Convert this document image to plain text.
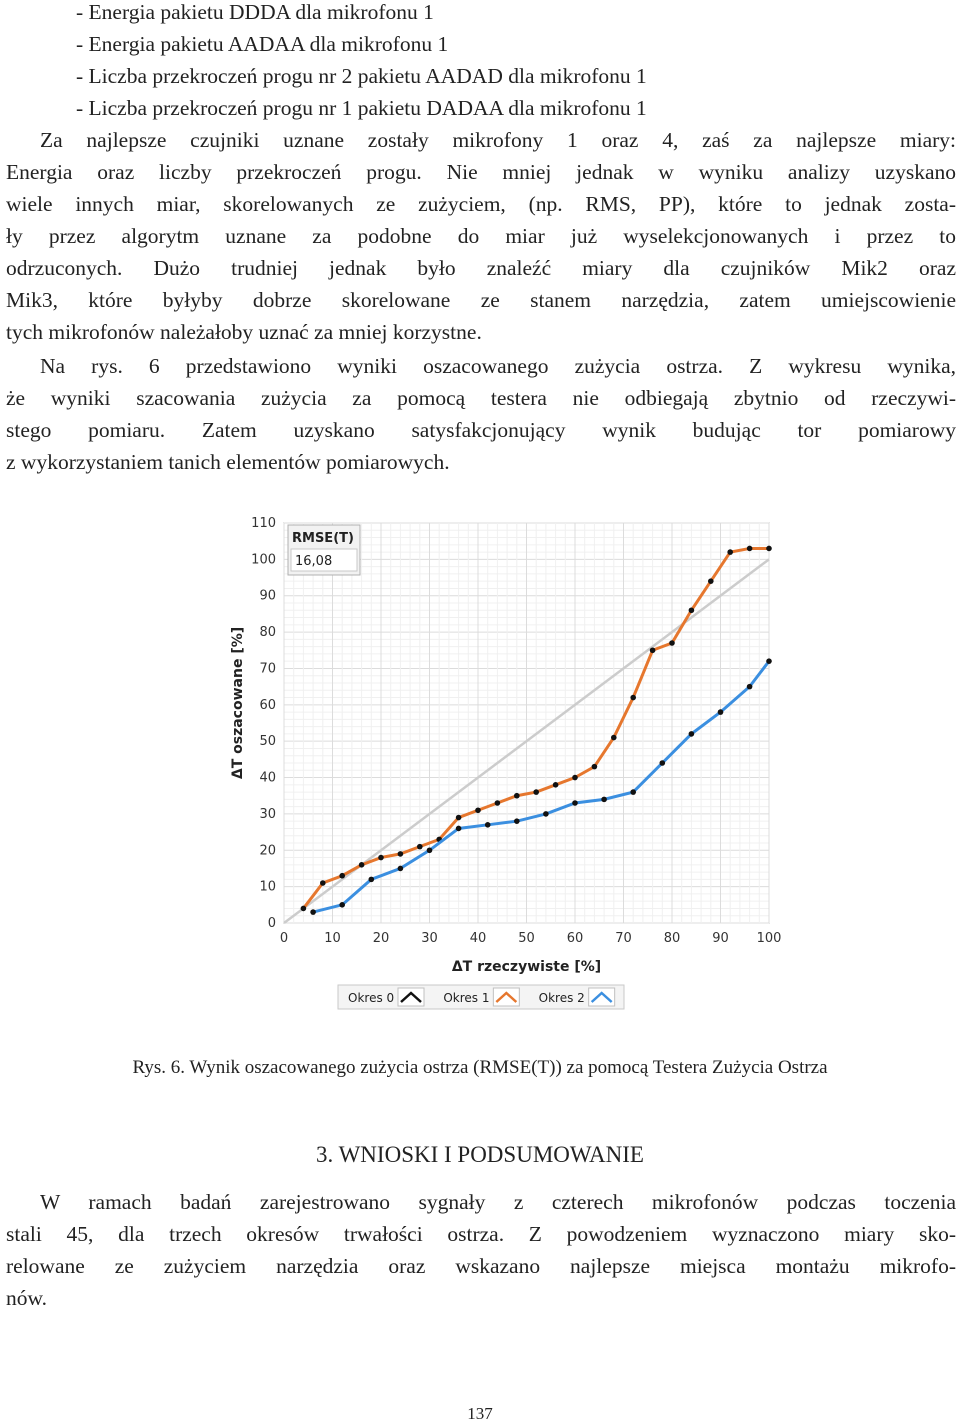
- Energia pakietu DDDA dla mikrofonu 1
- Energia pakietu AADAA dla mikrofonu 1
- Liczba przekroczeń progu nr 2 pakietu AADAD dla mikrofonu 1
- Liczba przekroczeń progu nr 1 pakietu DADAA dla mikrofonu 1
Za najlepsze czujniki uznane zostały mikrofony 1 oraz 4, zaś za najlepsze miary:
Energia oraz liczby przekroczeń progu. Nie mniej jednak w wyniku analizy uzyskano
wiele innych miar, skorelowanych ze zużyciem, (np. RMS, PP), które to jednak zosta-
ły przez algorytm uznane za podobne do miar już wyselekcjonowanych i przez to
odrzuconych. Dużo trudniej jednak było znaleźć miary dla czujników Mik2 oraz
Mik3, które byłyby dobrze skorelowane ze stanem narzędzia, zatem umiejscowienie
tych mikrofonów należałoby uznać za mniej korzystne.
Na rys. 6 przedstawiono wyniki oszacowanego zużycia ostrza. Z wykresu wynika,
że wyniki szacowania zużycia za pomocą testera nie odbiegają zbytnio od rzeczywi-
stego pomiaru. Zatem uzyskano satysfakcjonujący wynik budując tor pomiarowy
z wykorzystaniem tanich elementów pomiarowych.
0
10
20
30
40
50
60
70
80
90
100
110
0	10 20 30 40 50 60 70 80 90 100
ΔT rzeczywiste [%]
ΔT oszacowane [%]
RMSE(T)
16,08
Okres 0	Okres 1	Okres 2
Rys. 6. Wynik oszacowanego zużycia ostrza (RMSE(T)) za pomocą Testera Zużycia Ostrza
3. WNIOSKI I PODSUMOWANIE
W ramach badań zarejestrowano sygnały z czterech mikrofonów podczas toczenia
stali 45, dla trzech okresów trwałości ostrza. Z powodzeniem wyznaczono miary sko-
relowane ze zużyciem narzędzia oraz wskazano najlepsze miejsca montażu mikrofo-
nów.
137
